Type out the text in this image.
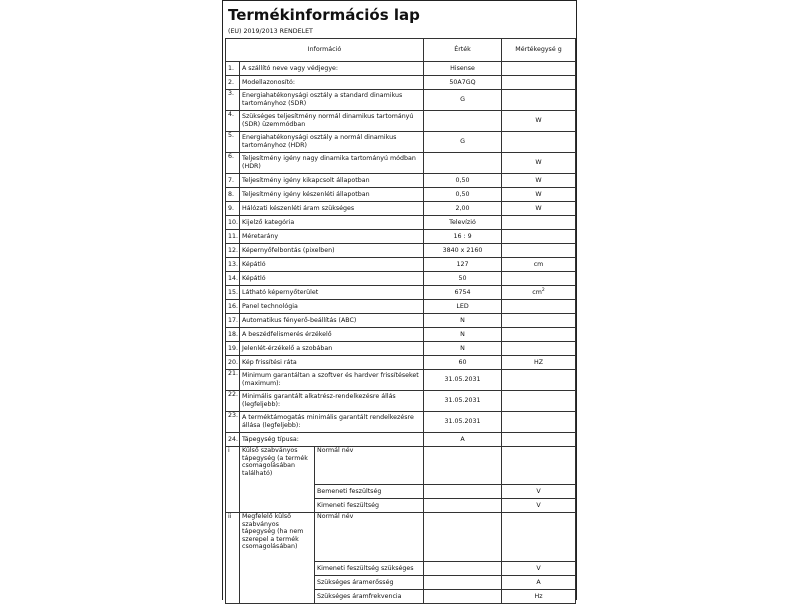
Termékinformációs lap
(EU) 2019/2013 RENDELET
Információ			Érték	Mértékegysé g
1.	A szállító neve vagy védjegye:		Hisense	
2.	Modellazonosító:		50A7GQ	
3.	Energiahatékonysági osztály a standard dinamikus tartományhoz (SDR)		G	
4.	Szükséges teljesítmény normál dinamikus tartományú (SDR) üzemmódban			W
5.	Energiahatékonysági osztály a normál dinamikus tartományhoz (HDR)		G	
6.	Teljesítmény igény nagy dinamika tartományú módban (HDR)			W
7.	Teljesítmény igény kikapcsolt állapotban		0,50	W
8.	Teljesítmény igény készenléti állapotban		0,50	W
9.	Hálózati készenléti áram szükséges		2,00	W
10.	Kijelző kategória		Televízió	
11.	Méretarány		16 : 9	
12.	Képernyőfelbontás (pixelben)		3840 x 2160	
13.	Képátló		127	cm
14.	Képátló		50	
15.	Látható képernyőterület		6754	$cm^2$
16.	Panel technológia		LED	
17.	Automatikus fényerő-beállítás (ABC)		N	
18.	A beszédfelismerés érzékelő		N	
19.	Jelenlét-érzékelő a szobában		N	
20.	Kép frissítési ráta		60	HZ
21.	Minimum garantáltan a szoftver és hardver frissítéseket (maximum):		31.05.2031	
22.	Minimális garantált alkatrész-rendelkezésre állás (legfeljebb):		31.05.2031	
23.	A terméktámogatás minimális garantált rendelkezésre állása (legfeljebb):		31.05.2031	
24.	Tápegység típusa:		A	
i	Külső szabványos tápegység (a termék csomagolásában található)	Normál név		
		Bemeneti feszültség		V
		Kimeneti feszültség		V
ii	Megfelelő külső szabványos tápegység (ha nem szerepel a termék csomagolásában)	Normál név		
		Kimeneti feszültség szükséges		V
		Szükséges áramerősség		A
		Szükséges áramfrekvencia		Hz
